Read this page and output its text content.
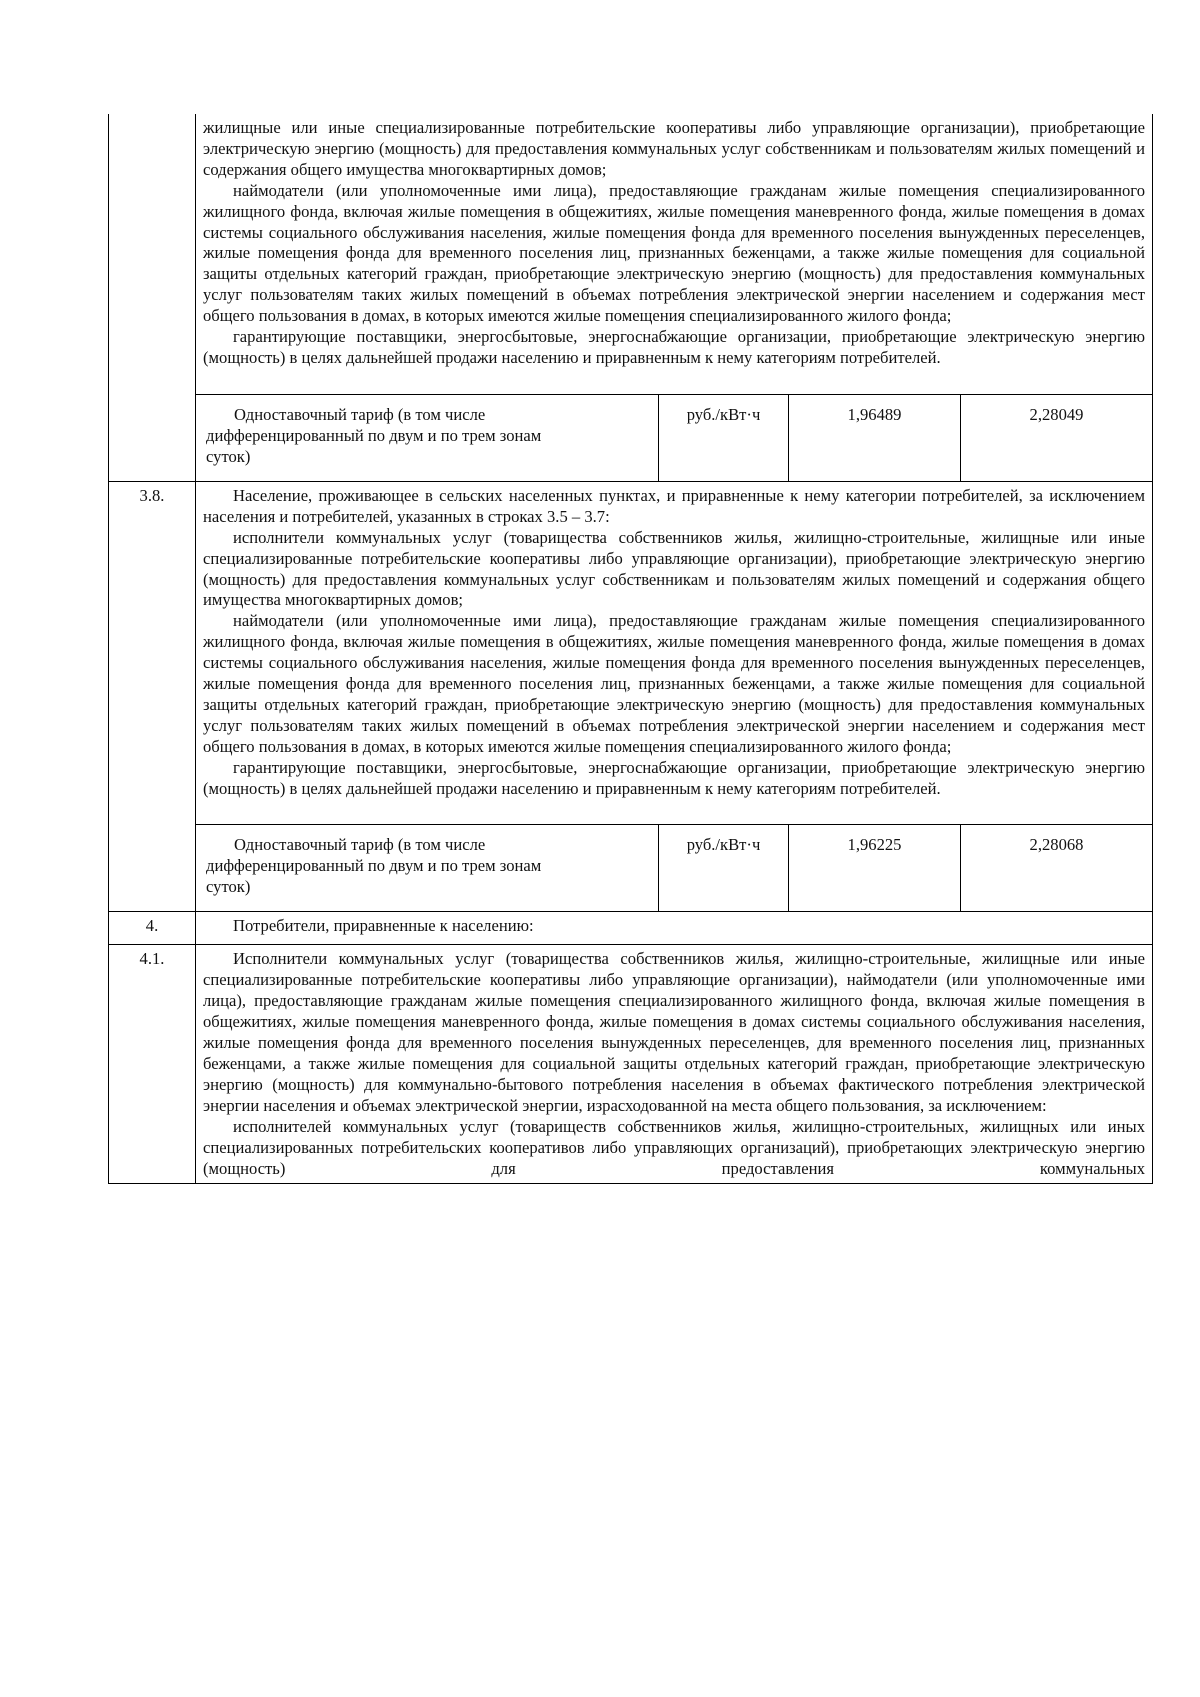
	жилищные или иные специализированные потребительские кооперативы либо управляющие организации), приобретающие электрическую энергию (мощность) для предоставления коммунальных услуг собственникам и пользователям жилых помещений и содержания общего имущества многоквартирных домов;

наймодатели (или уполномоченные ими лица), предоставляющие гражданам жилые помещения специализированного жилищного фонда, включая жилые помещения в общежитиях, жилые помещения маневренного фонда, жилые помещения в домах системы социального обслуживания населения, жилые помещения фонда для временного поселения вынужденных переселенцев, жилые помещения фонда для временного поселения лиц, признанных беженцами, а также жилые помещения для социальной защиты отдельных категорий граждан, приобретающие электрическую энергию (мощность) для предоставления коммунальных услуг пользователям таких жилых помещений в объемах потребления электрической энергии населением и содержания мест общего пользования в домах, в которых имеются жилые помещения специализированного жилого фонда;

гарантирующие поставщики, энергосбытовые, энергоснабжающие организации, приобретающие электрическую энергию (мощность) в целях дальнейшей продажи населению и приравненным к нему категориям потребителей.			

	Одноставочный тариф (в том числе
дифференцированный по двум и по трем зонам
суток)	руб./кВт·ч	1,96489	2,28049
3.8.	Население, проживающее в сельских населенных пунктах, и приравненные к нему категории потребителей, за исключением населения и потребителей, указанных в строках 3.5 – 3.7:

исполнители коммунальных услуг (товарищества собственников жилья, жилищно-строительные, жилищные или иные специализированные потребительские кооперативы либо управляющие организации), приобретающие электрическую энергию (мощность) для предоставления коммунальных услуг собственникам и пользователям жилых помещений и содержания общего имущества многоквартирных домов;

наймодатели (или уполномоченные ими лица), предоставляющие гражданам жилые помещения специализированного жилищного фонда, включая жилые помещения в общежитиях, жилые помещения маневренного фонда, жилые помещения в домах системы социального обслуживания населения, жилые помещения фонда для временного поселения вынужденных переселенцев, жилые помещения фонда для временного поселения лиц, признанных беженцами, а также жилые помещения для социальной защиты отдельных категорий граждан, приобретающие электрическую энергию (мощность) для предоставления коммунальных услуг пользователям таких жилых помещений в объемах потребления электрической энергии населением и содержания мест общего пользования в домах, в которых имеются жилые помещения специализированного жилого фонда;

гарантирующие поставщики, энергосбытовые, энергоснабжающие организации, приобретающие электрическую энергию (мощность) в целях дальнейшей продажи населению и приравненным к нему категориям потребителей.			

	Одноставочный тариф (в том числе
дифференцированный по двум и по трем зонам
суток)	руб./кВт·ч	1,96225	2,28068
4.	Потребители, приравненные к населению:			

4.1.	Исполнители коммунальных услуг (товарищества собственников жилья, жилищно-строительные, жилищные или иные специализированные потребительские кооперативы либо управляющие организации), наймодатели (или уполномоченные ими лица), предоставляющие гражданам жилые помещения специализированного жилищного фонда, включая жилые помещения в общежитиях, жилые помещения маневренного фонда, жилые помещения в домах системы социального обслуживания населения, жилые помещения фонда для временного поселения вынужденных переселенцев, для временного поселения лиц, признанных беженцами, а также жилые помещения для социальной защиты отдельных категорий граждан, приобретающие электрическую энергию (мощность) для коммунально-бытового потребления населения в объемах фактического потребления электрической энергии населения и объемах электрической энергии, израсходованной на места общего пользования, за исключением:

исполнителей коммунальных услуг (товариществ собственников жилья, жилищно-строительных, жилищных или иных специализированных потребительских кооперативов либо управляющих организаций), приобретающих электрическую энергию (мощность) для предоставления коммунальных			
